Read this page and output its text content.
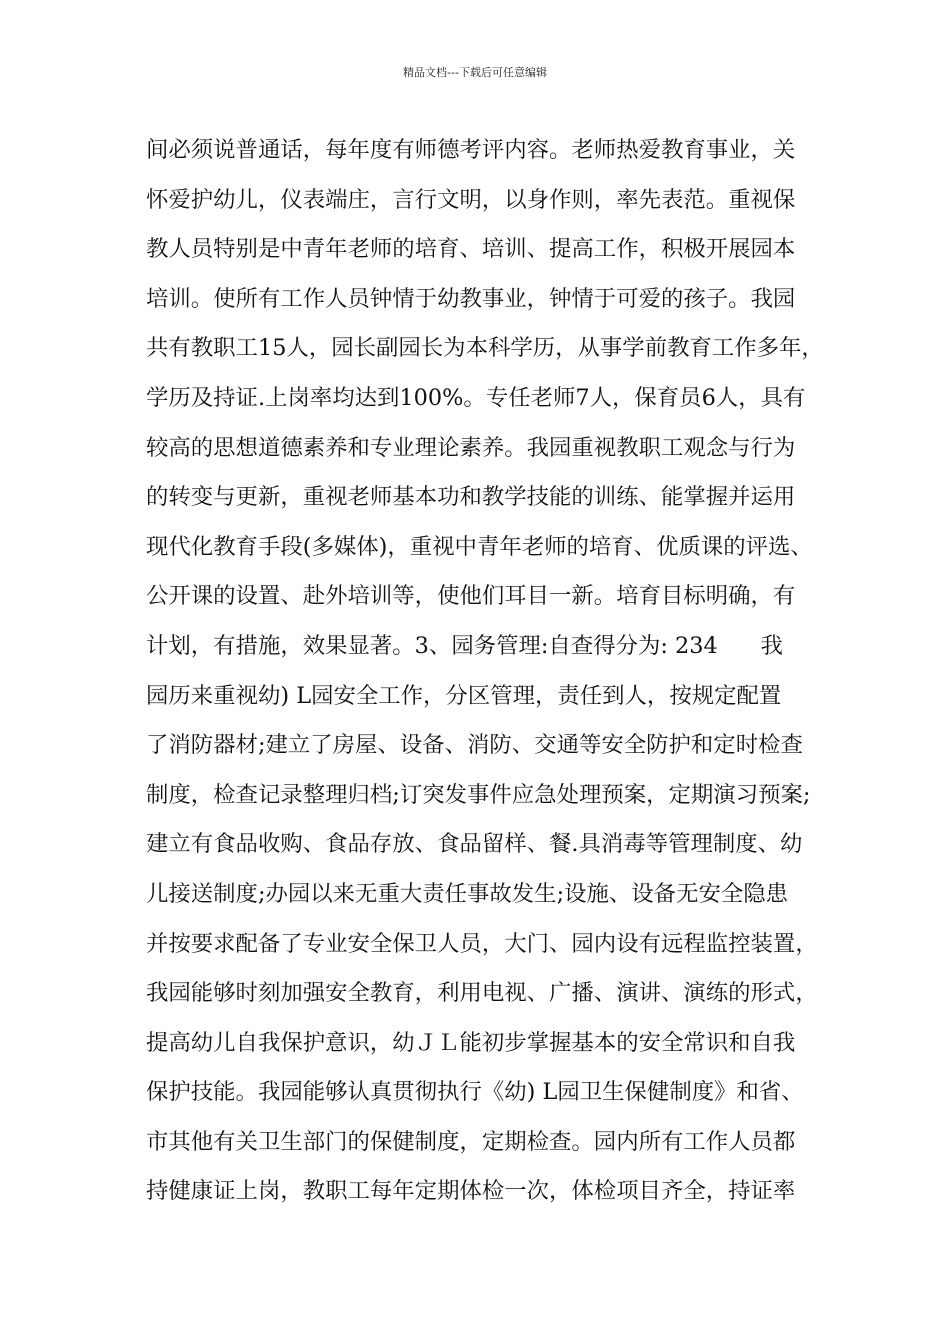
精品文档---下载后可任意编辑
间必须说普通话，每年度有师德考评内容。老师热爱教育事业，关
怀爱护幼儿，仪表端庄，言行文明，以身作则，率先表范。重视保
教人员特别是中青年老师的培育、培训、提高工作，积极开展园本
培训。使所有工作人员钟情于幼教事业，钟情于可爱的孩子。我园
共有教职工15人，园长副园长为本科学历，从事学前教育工作多年，
学历及持证.上岗率均达到100%。专任老师7人，保育员6人，具有
较高的思想道德素养和专业理论素养。我园重视教职工观念与行为
的转变与更新，重视老师基本功和教学技能的训练、能掌握并运用
现代化教育手段(多媒体)，重视中青年老师的培育、优质课的评选、
公开课的设置、赴外培训等，使他们耳目一新。培育目标明确，有
计划，有措施，效果显著。3、园务管理:自查得分为: 234      我
园历来重视幼) L园安全工作，分区管理，责任到人，按规定配置
了消防器材;建立了房屋、设备、消防、交通等安全防护和定时检查
制度，检查记录整理归档;订突发事件应急处理预案，定期演习预案;
建立有食品收购、食品存放、食品留样、餐.具消毒等管理制度、幼
儿接送制度;办园以来无重大责任事故发生;设施、设备无安全隐患
并按要求配备了专业安全保卫人员，大门、园内设有远程监控装置，
我园能够时刻加强安全教育，利用电视、广播、演讲、演练的形式，
提高幼儿自我保护意识，幼ＪＬ能初步掌握基本的安全常识和自我
保护技能。我园能够认真贯彻执行《幼) L园卫生保健制度》和省、
市其他有关卫生部门的保健制度，定期检查。园内所有工作人员都
持健康证上岗，教职工每年定期体检一次，体检项目齐全，持证率
